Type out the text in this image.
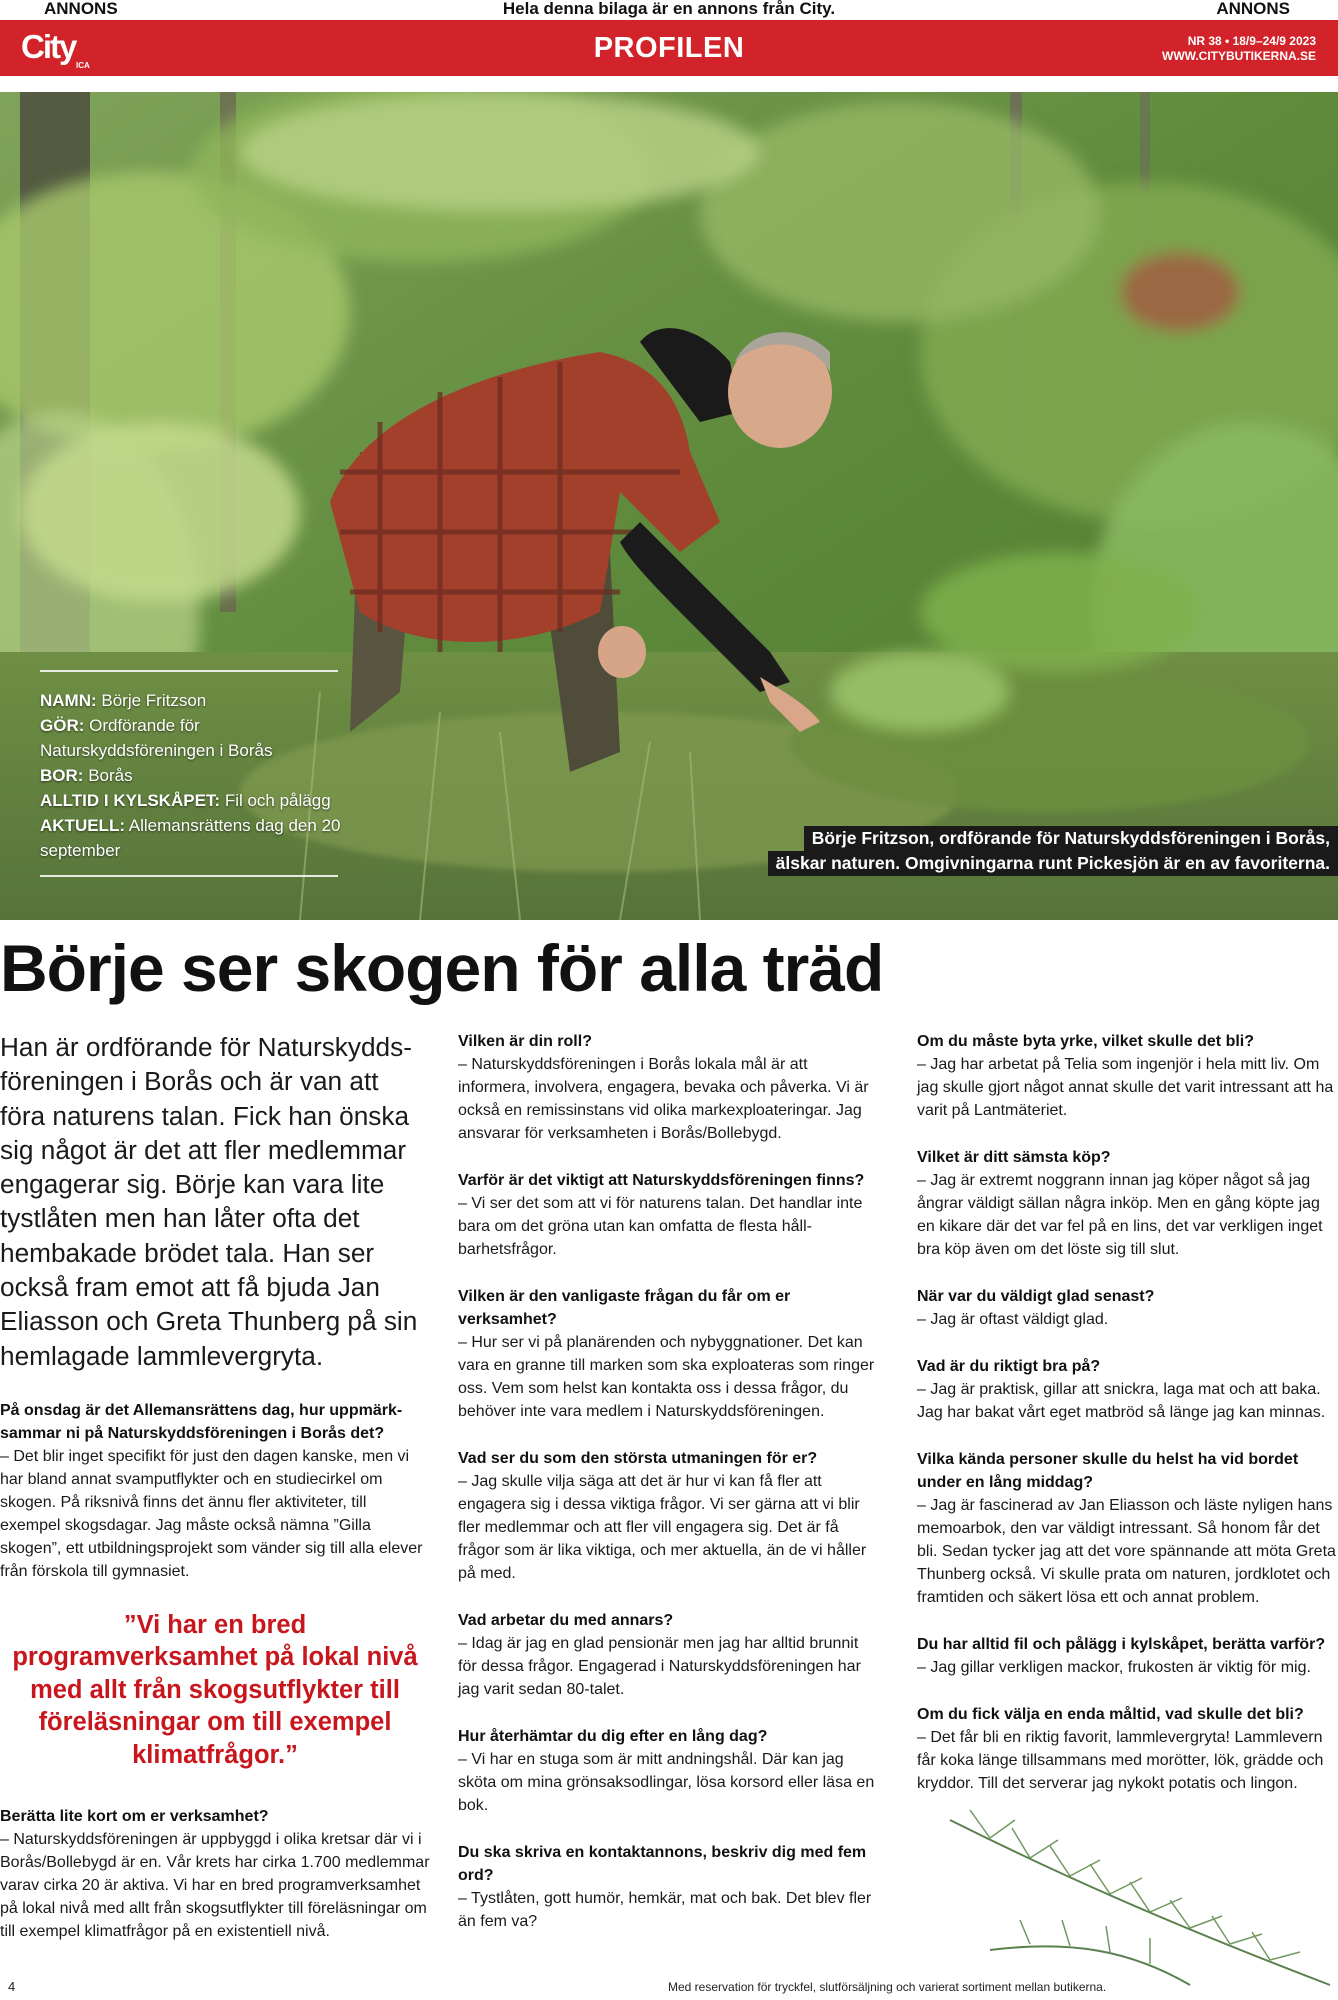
ANNONS	Hela denna bilaga är en annons från City.	ANNONS
City
ICA
PROFILEN	NR 38 • 18/9–24/9 2023
WWW.CITYBUTIKERNA.SE
NAMN: Börje Fritzson
GÖR: Ordförande för Naturskyddsföreningen i Borås
BOR: Borås
ALLTID I KYLSKÅPET: Fil och pålägg
AKTUELL: Allemansrättens dag den 20 september
Börje Fritzson, ordförande för Naturskyddsföreningen i Borås,
älskar naturen. Omgivningarna runt Pickesjön är en av favoriterna.
Börje ser skogen för alla träd

Han är ordförande för Naturskyddsföreningen i Borås och är van att föra naturens talan. Fick han önska sig något är det att fler medlemmar engagerar sig. Börje kan vara lite tystlåten men han låter ofta det hembakade brödet tala. Han ser också fram emot att få bjuda Jan Eliasson och Greta Thunberg på sin hemlagade lammlevergryta.

På onsdag är det Allemansrättens dag, hur uppmärksammar ni på Naturskyddsföreningen i Borås det?
– Det blir inget specifikt för just den dagen kanske, men vi har bland annat svamputflykter och en studiecirkel om skogen. På riksnivå finns det ännu fler aktiviteter, till exempel skogsdagar. Jag måste också nämna ”Gilla skogen”, ett utbildningsprojekt som vänder sig till alla elever från förskola till gymnasiet.
”Vi har en bred programverksamhet på lokal nivå med allt från skogsutflykter till föreläsningar om till exempel klimatfrågor.”
Berätta lite kort om er verksamhet?
– Naturskyddsföreningen är uppbyggd i olika kretsar där vi i Borås/Bollebygd är en. Vår krets har cirka 1.700 medlemmar varav cirka 20 är aktiva. Vi har en bred programverksamhet på lokal nivå med allt från skogsutflykter till föreläsningar om till exempel klimatfrågor på en existentiell nivå.
Vilken är din roll?
– Naturskyddsföreningen i Borås lokala mål är att informera, involvera, engagera, bevaka och påverka. Vi är också en remissinstans vid olika markexploateringar. Jag ansvarar för verksamheten i Borås/Bollebygd.
Varför är det viktigt att Naturskyddsföreningen finns?
– Vi ser det som att vi för naturens talan. Det handlar inte bara om det gröna utan kan omfatta de flesta hållbarhetsfrågor.
Vilken är den vanligaste frågan du får om er verksamhet?
– Hur ser vi på planärenden och nybyggnationer. Det kan vara en granne till marken som ska exploateras som ringer oss. Vem som helst kan kontakta oss i dessa frågor, du behöver inte vara medlem i Naturskyddsföreningen.
Vad ser du som den största utmaningen för er?
– Jag skulle vilja säga att det är hur vi kan få fler att engagera sig i dessa viktiga frågor. Vi ser gärna att vi blir fler medlemmar och att fler vill engagera sig. Det är få frågor som är lika viktiga, och mer aktuella, än de vi håller på med.
Vad arbetar du med annars?
– Idag är jag en glad pensionär men jag har alltid brunnit för dessa frågor. Engagerad i Naturskyddsföreningen har jag varit sedan 80-talet.
Hur återhämtar du dig efter en lång dag?
– Vi har en stuga som är mitt andningshål. Där kan jag sköta om mina grönsaksodlingar, lösa korsord eller läsa en bok.
Du ska skriva en kontaktannons, beskriv dig med fem ord?
– Tystlåten, gott humör, hemkär, mat och bak. Det blev fler än fem va?
Om du måste byta yrke, vilket skulle det bli?
– Jag har arbetat på Telia som ingenjör i hela mitt liv. Om jag skulle gjort något annat skulle det varit intressant att ha varit på Lantmäteriet.
Vilket är ditt sämsta köp?
– Jag är extremt noggrann innan jag köper något så jag ångrar väldigt sällan några inköp. Men en gång köpte jag en kikare där det var fel på en lins, det var verkligen inget bra köp även om det löste sig till slut.
När var du väldigt glad senast?
– Jag är oftast väldigt glad.
Vad är du riktigt bra på?
– Jag är praktisk, gillar att snickra, laga mat och att baka. Jag har bakat vårt eget matbröd så länge jag kan minnas.
Vilka kända personer skulle du helst ha vid bordet under en lång middag?
– Jag är fascinerad av Jan Eliasson och läste nyligen hans memoarbok, den var väldigt intressant. Så honom får det bli. Sedan tycker jag att det vore spännande att möta Greta Thunberg också. Vi skulle prata om naturen, jordklotet och framtiden och säkert lösa ett och annat problem.
Du har alltid fil och pålägg i kylskåpet, berätta varför?
– Jag gillar verkligen mackor, frukosten är viktig för mig.
Om du fick välja en enda måltid, vad skulle det bli?
– Det får bli en riktig favorit, lammlevergryta! Lammlevern får koka länge tillsammans med morötter, lök, grädde och kryddor. Till det serverar jag nykokt potatis och lingon.
4	Med reservation för tryckfel, slutförsäljning och varierat sortiment mellan butikerna.
